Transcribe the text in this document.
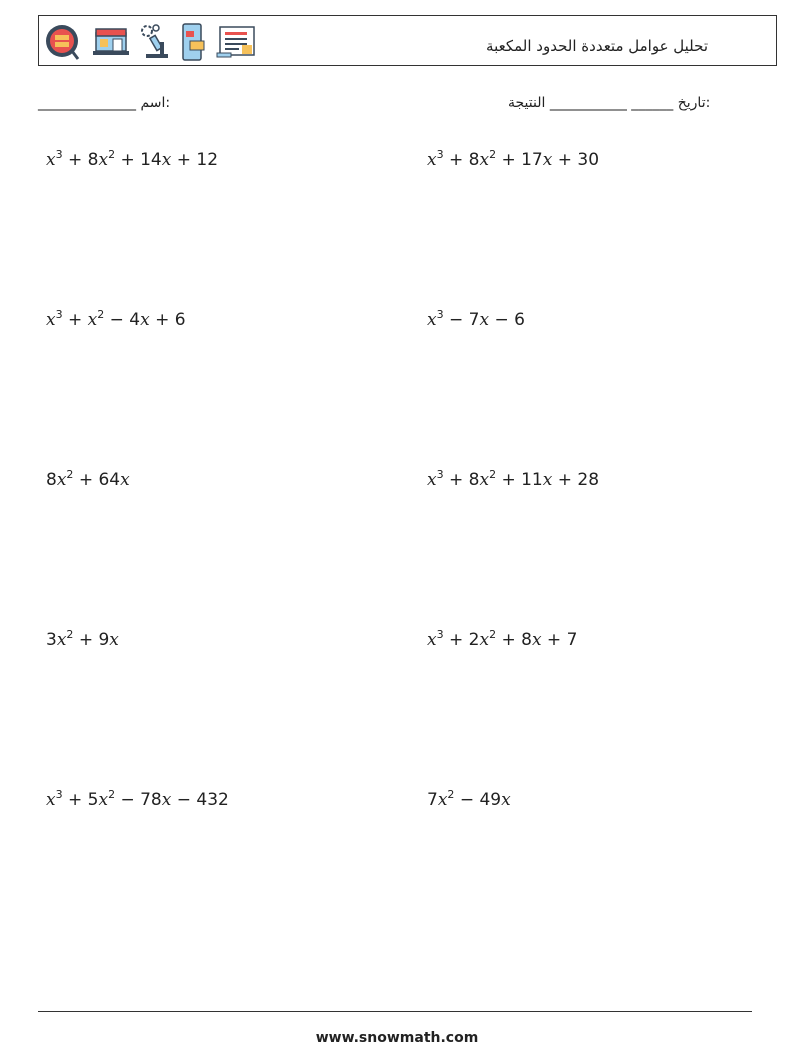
تحليل عوامل متعددة الحدود المكعبة
:اسم ______________	:تاريخ ______ ___________ النتيجة
$x^3 + 8x^2 + 14x + 12$	$x^3 + 8x^2 + 17x + 30$
$x^3 + x^2 - 4x + 6$	$x^3 - 7x - 6$
$8x^2 + 64x$	$x^3 + 8x^2 + 11x + 28$
$3x^2 + 9x$	$x^3 + 2x^2 + 8x + 7$
$x^3 + 5x^2 - 78x - 432$	$7x^2 - 49x$
www.snowmath.com
